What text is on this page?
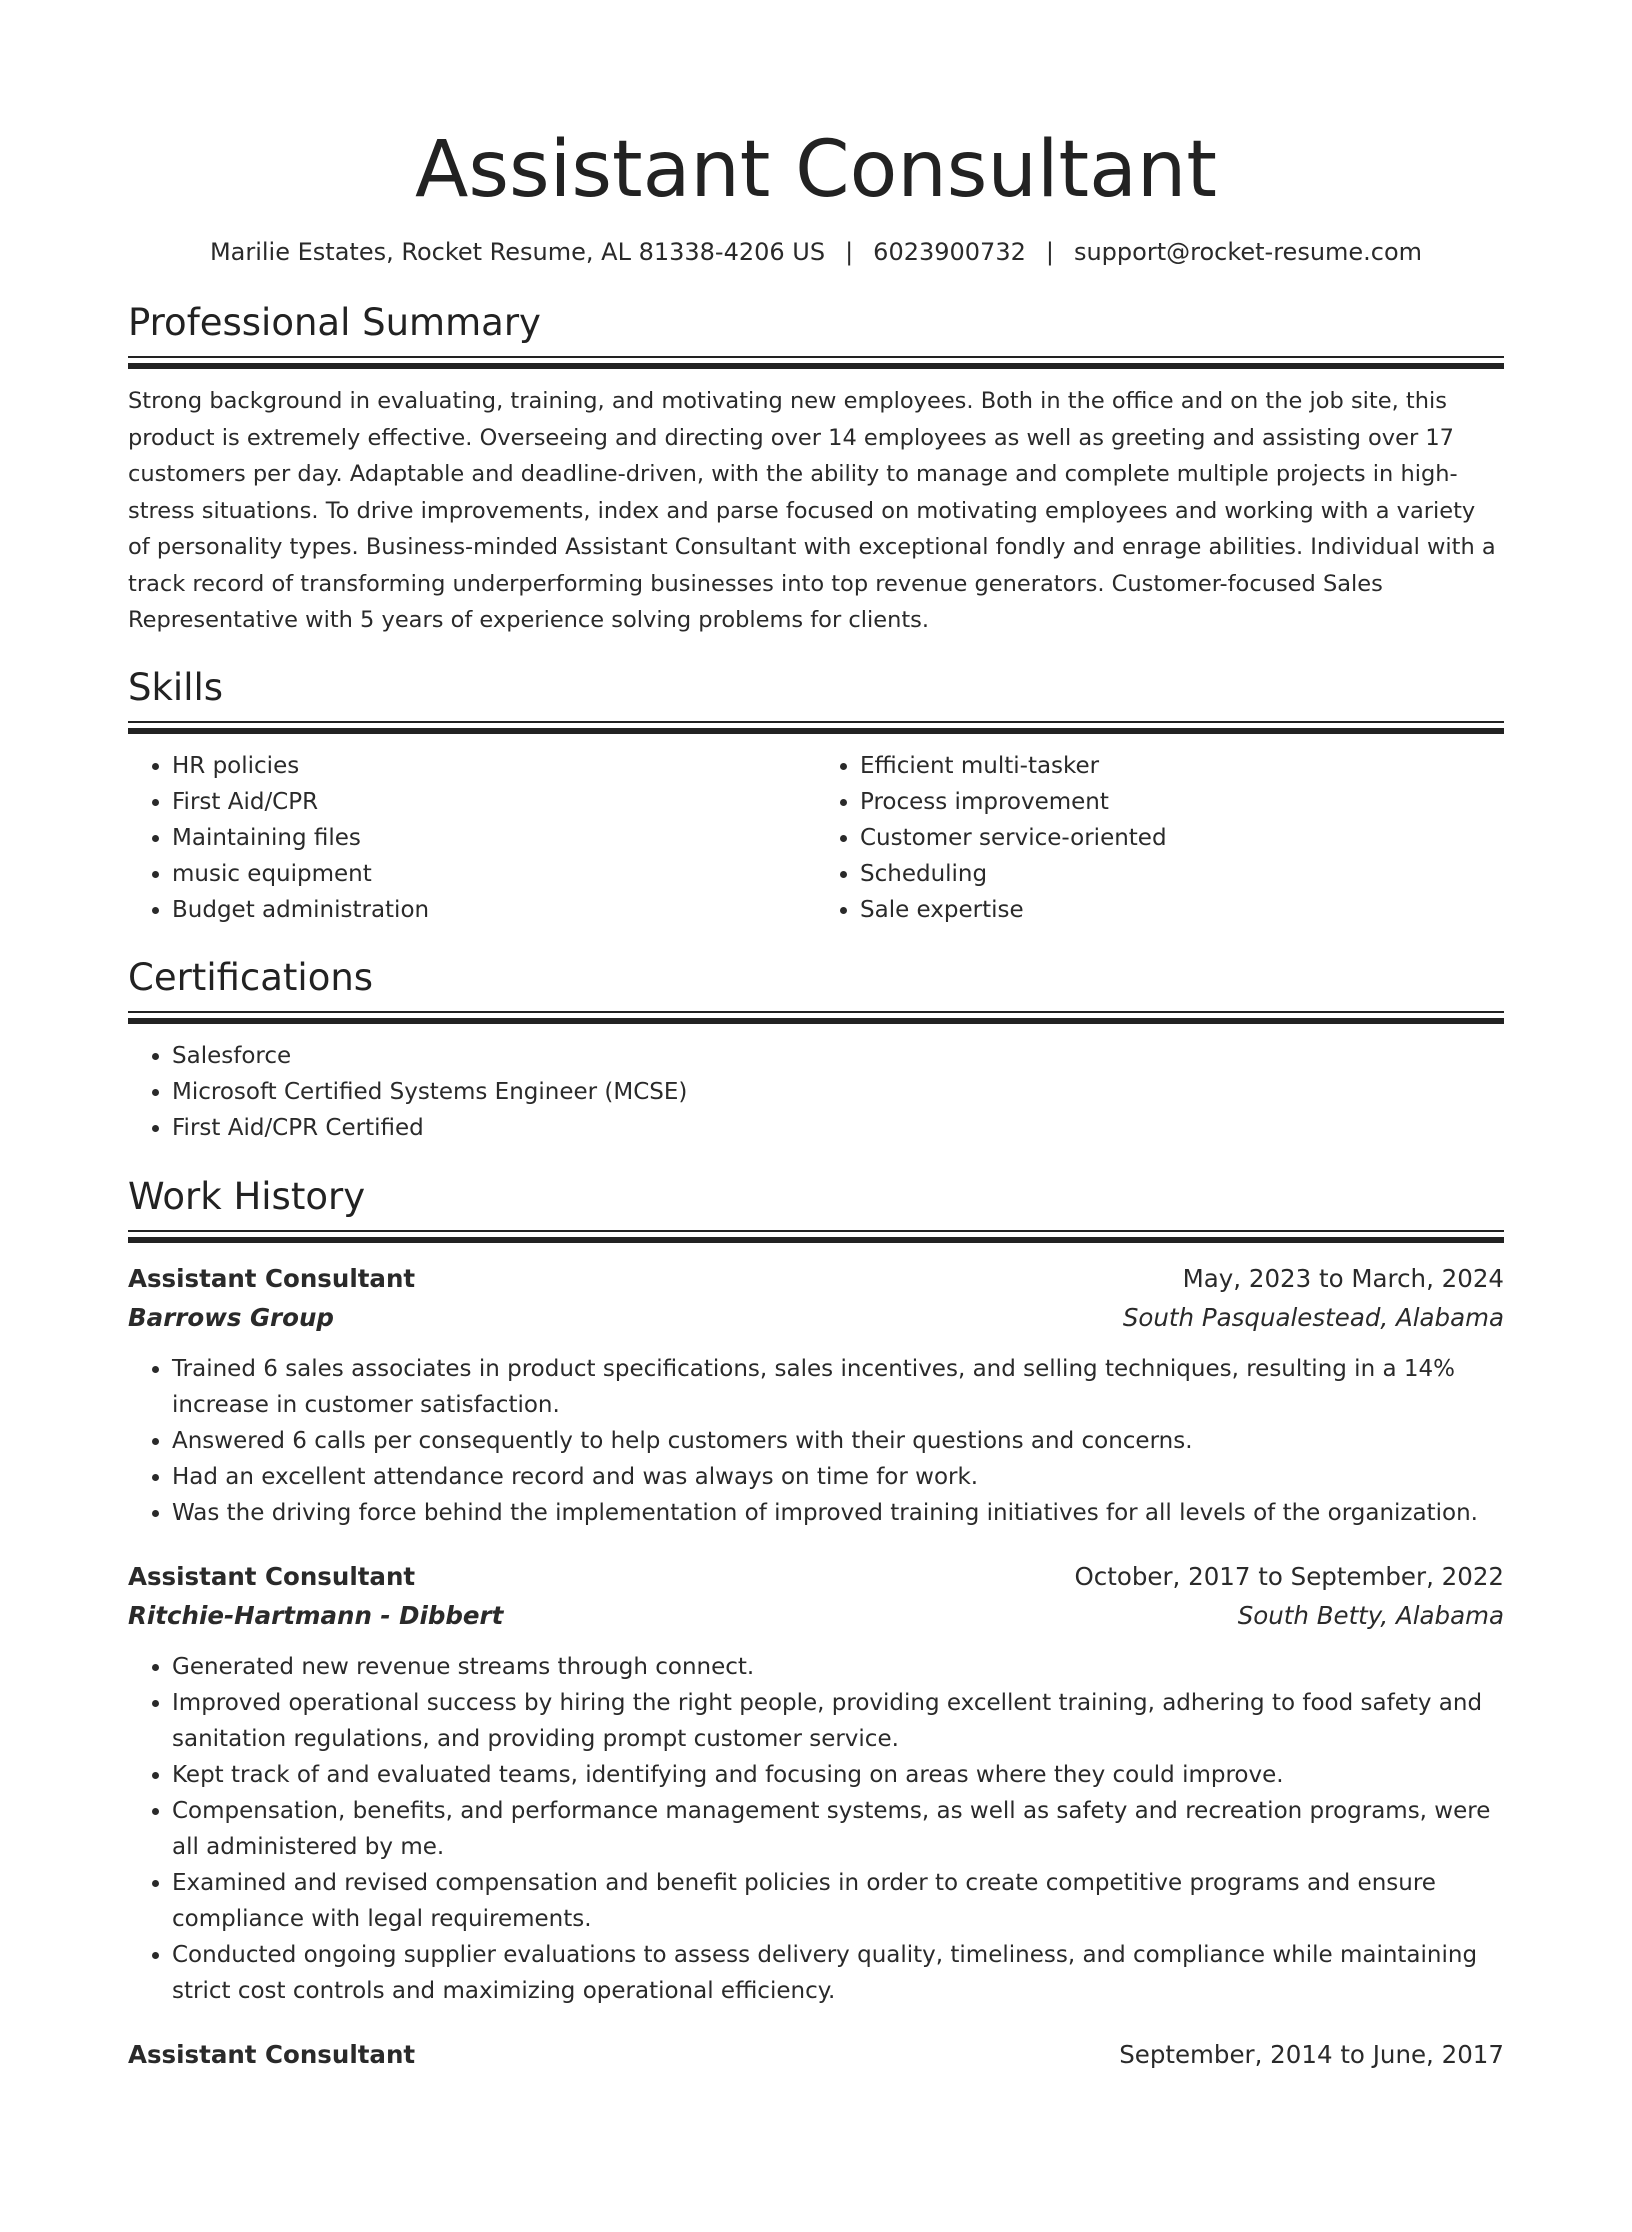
Assistant Consultant
Marilie Estates, Rocket Resume, AL 81338-4206 US | 6023900732 | support@rocket-resume.com
Professional Summary

Strong background in evaluating, training, and motivating new employees. Both in the office and on the job site, this product is extremely effective. Overseeing and directing over 14 employees as well as greeting and assisting over 17 customers per day. Adaptable and deadline-driven, with the ability to manage and complete multiple projects in high-stress situations. To drive improvements, index and parse focused on motivating employees and working with a variety of personality types. Business-minded Assistant Consultant with exceptional fondly and enrage abilities. Individual with a track record of transforming underperforming businesses into top revenue generators. Customer-focused Sales Representative with 5 years of experience solving problems for clients.

Skills
• HR policies
• First Aid/CPR
• Maintaining files
• music equipment
• Budget administration
• Efficient multi-tasker
• Process improvement
• Customer service-oriented
• Scheduling
• Sale expertise
Certifications
• Salesforce
• Microsoft Certified Systems Engineer (MCSE)
• First Aid/CPR Certified
Work History
Assistant Consultant	May, 2023 to March, 2024
Barrows Group	South Pasqualestead, Alabama
• Trained 6 sales associates in product specifications, sales incentives, and selling techniques, resulting in a 14% increase in customer satisfaction.
• Answered 6 calls per consequently to help customers with their questions and concerns.
• Had an excellent attendance record and was always on time for work.
• Was the driving force behind the implementation of improved training initiatives for all levels of the organization.
Assistant Consultant	October, 2017 to September, 2022
Ritchie-Hartmann - Dibbert	South Betty, Alabama
• Generated new revenue streams through connect.
• Improved operational success by hiring the right people, providing excellent training, adhering to food safety and sanitation regulations, and providing prompt customer service.
• Kept track of and evaluated teams, identifying and focusing on areas where they could improve.
• Compensation, benefits, and performance management systems, as well as safety and recreation programs, were all administered by me.
• Examined and revised compensation and benefit policies in order to create competitive programs and ensure compliance with legal requirements.
• Conducted ongoing supplier evaluations to assess delivery quality, timeliness, and compliance while maintaining strict cost controls and maximizing operational efficiency.
Assistant Consultant	September, 2014 to June, 2017
